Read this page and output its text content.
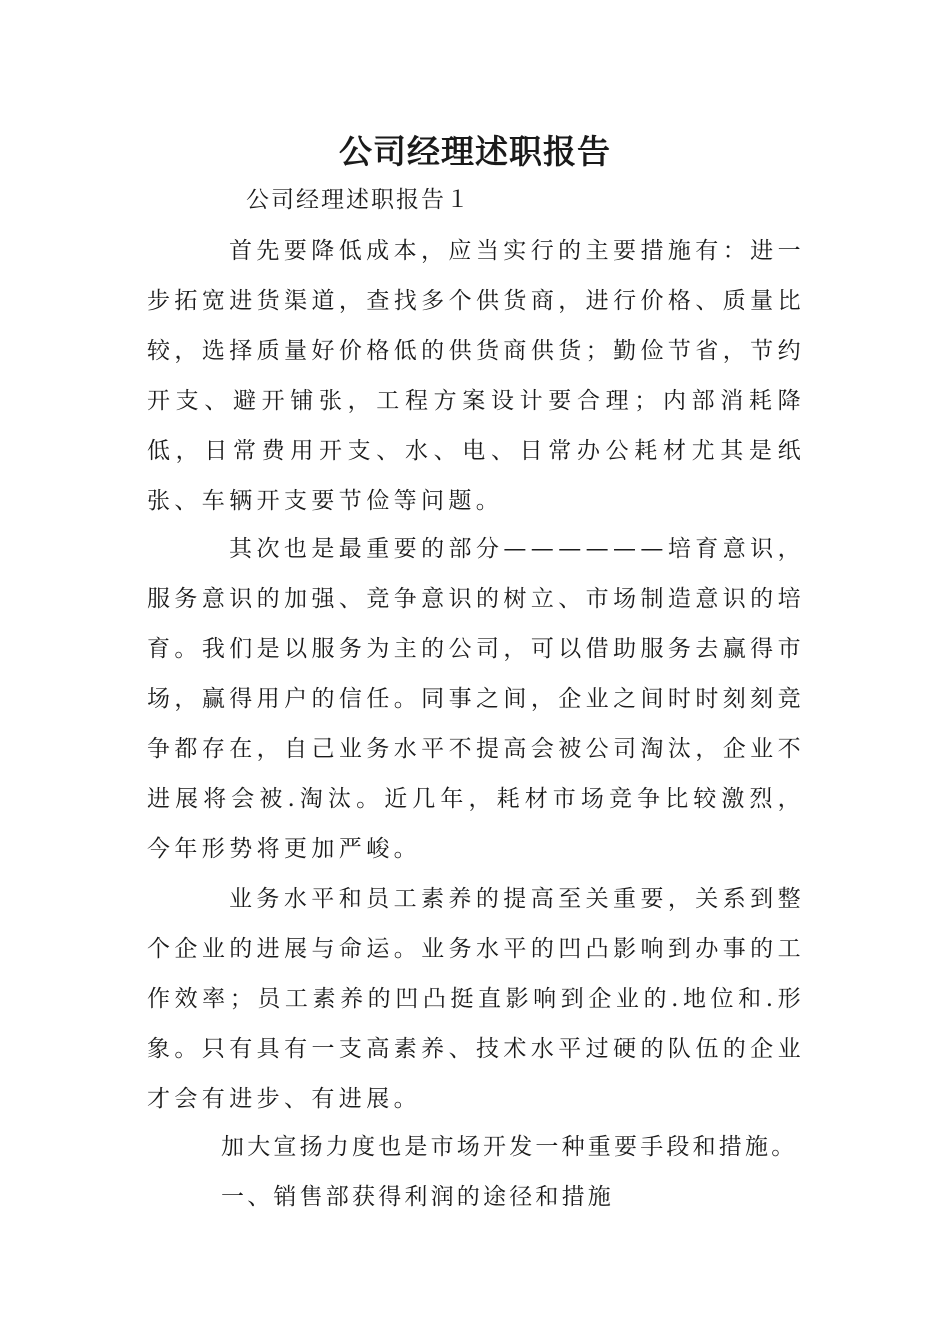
公司经理述职报告

公司经理述职报告１

首先要降低成本，应当实行的主要措施有：进一步拓宽进货渠道，查找多个供货商，进行价格、质量比较，选择质量好价格低的供货商供货；勤俭节省，节约开支、避开铺张，工程方案设计要合理；内部消耗降低，日常费用开支、水、电、日常办公耗材尤其是纸张、车辆开支要节俭等问题。

其次也是最重要的部分——————培育意识，服务意识的加强、竞争意识的树立、市场制造意识的培育。我们是以服务为主的公司，可以借助服务去赢得市场，赢得用户的信任。同事之间，企业之间时时刻刻竞争都存在，自己业务水平不提高会被公司淘汰，企业不进展将会被.淘汰。近几年，耗材市场竞争比较激烈，今年形势将更加严峻。

业务水平和员工素养的提高至关重要，关系到整个企业的进展与命运。业务水平的凹凸影响到办事的工作效率；员工素养的凹凸挺直影响到企业的.地位和.形象。只有具有一支高素养、技术水平过硬的队伍的企业才会有进步、有进展。

加大宣扬力度也是市场开发一种重要手段和措施。

一、销售部获得利润的途径和措施
